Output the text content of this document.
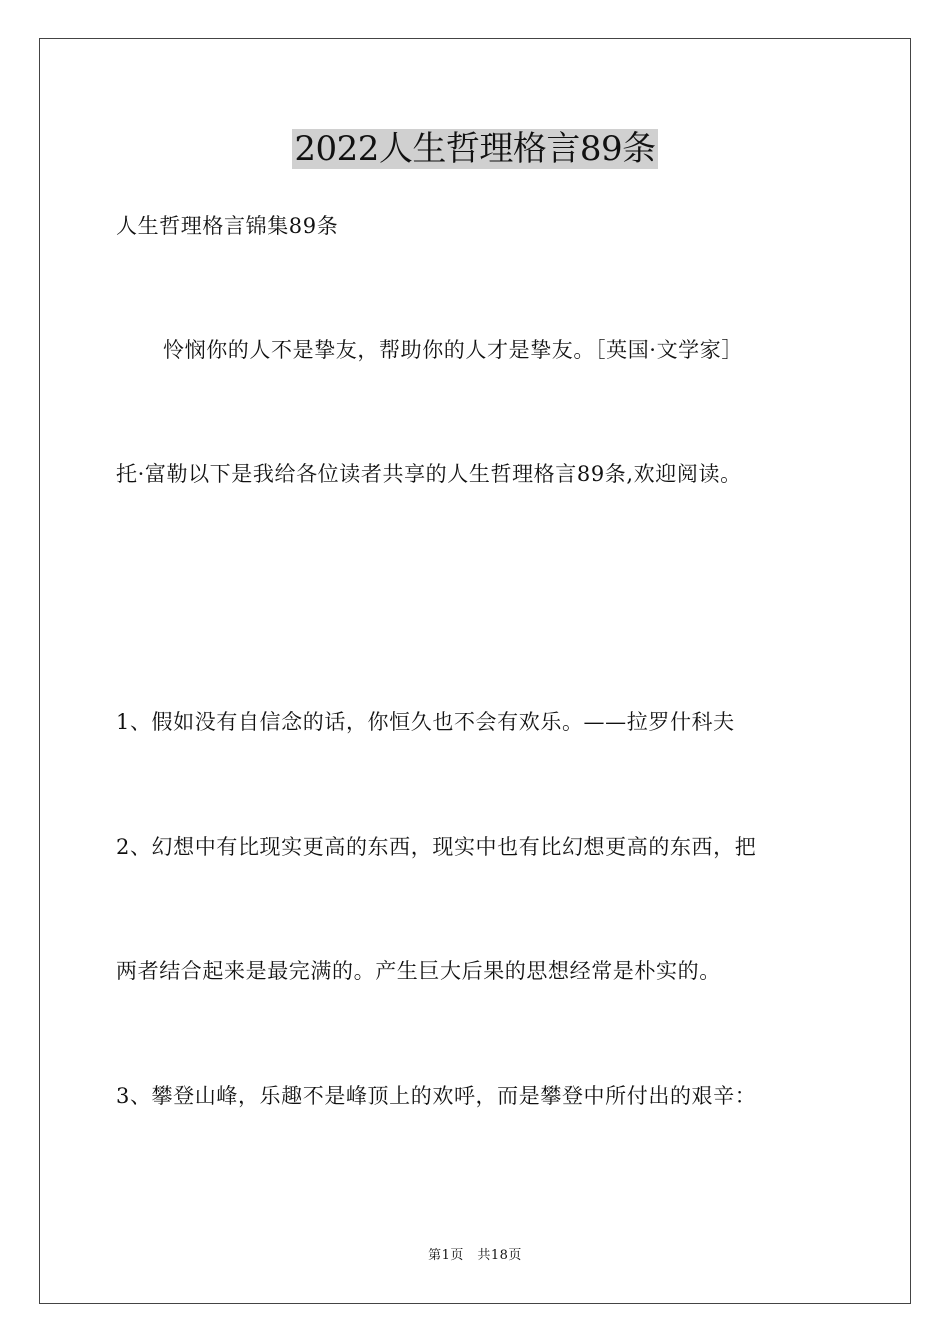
2022人生哲理格言89条
人生哲理格言锦集89条
怜悯你的人不是挚友，帮助你的人才是挚友。［英国·文学家］
托·富勒以下是我给各位读者共享的人生哲理格言89条,欢迎阅读。
1、假如没有自信念的话，你恒久也不会有欢乐。——拉罗什科夫
2、幻想中有比现实更高的东西，现实中也有比幻想更高的东西，把
两者结合起来是最完满的。产生巨大后果的思想经常是朴实的。
3、攀登山峰，乐趣不是峰顶上的欢呼，而是攀登中所付出的艰辛：
第1页　共18页
